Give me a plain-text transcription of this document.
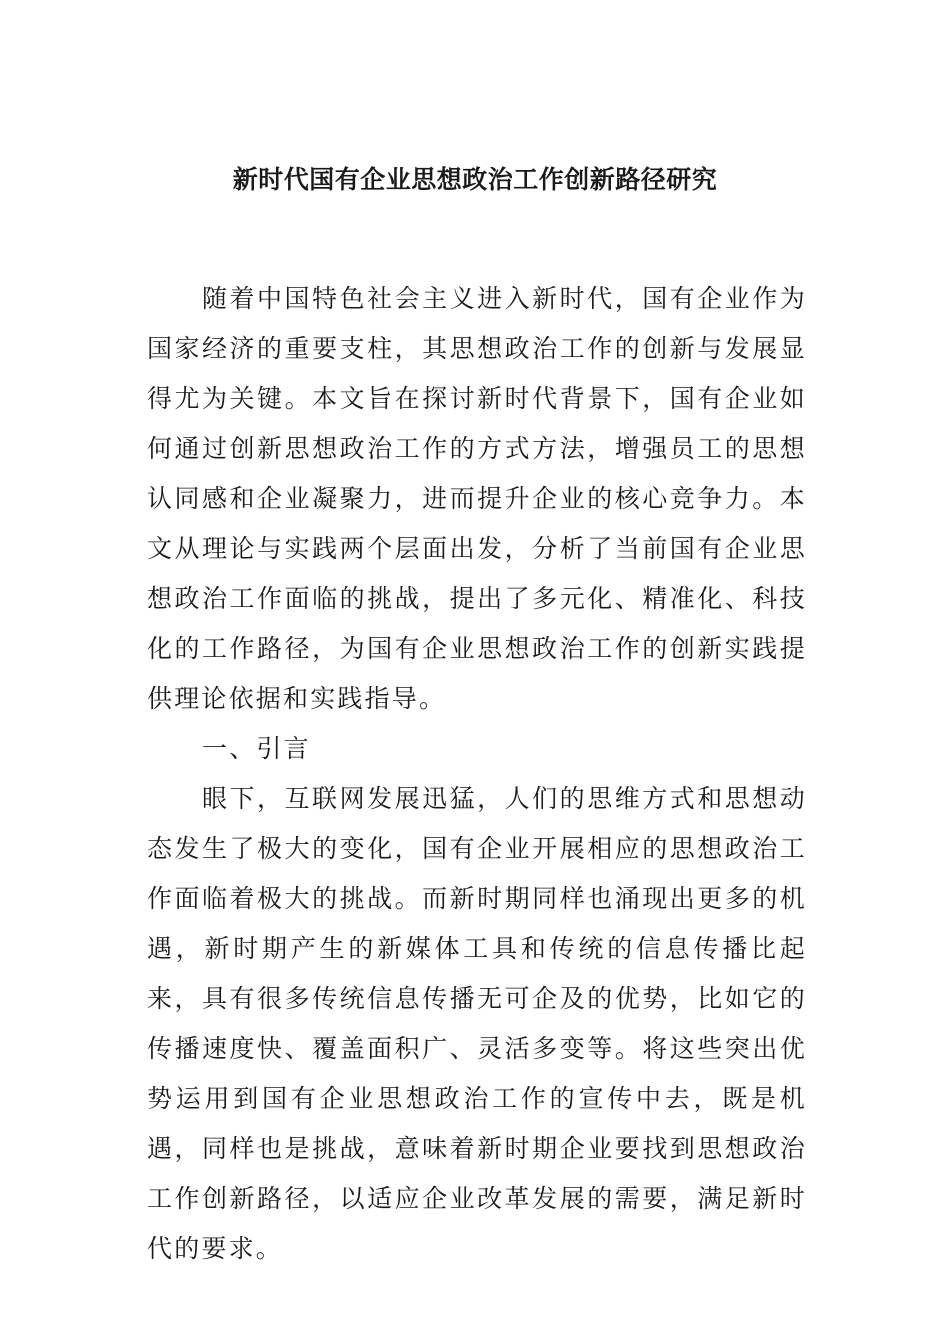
新时代国有企业思想政治工作创新路径研究

随着中国特色社会主义进入新时代，国有企业作为国家经济的重要支柱，其思想政治工作的创新与发展显得尤为关键。本文旨在探讨新时代背景下，国有企业如何通过创新思想政治工作的方式方法，增强员工的思想认同感和企业凝聚力，进而提升企业的核心竞争力。本文从理论与实践两个层面出发，分析了当前国有企业思想政治工作面临的挑战，提出了多元化、精准化、科技化的工作路径，为国有企业思想政治工作的创新实践提供理论依据和实践指导。

一、引言

眼下，互联网发展迅猛，人们的思维方式和思想动态发生了极大的变化，国有企业开展相应的思想政治工作面临着极大的挑战。而新时期同样也涌现出更多的机遇，新时期产生的新媒体工具和传统的信息传播比起来，具有很多传统信息传播无可企及的优势，比如它的传播速度快、覆盖面积广、灵活多变等。将这些突出优势运用到国有企业思想政治工作的宣传中去，既是机遇，同样也是挑战，意味着新时期企业要找到思想政治工作创新路径，以适应企业改革发展的需要，满足新时代的要求。
